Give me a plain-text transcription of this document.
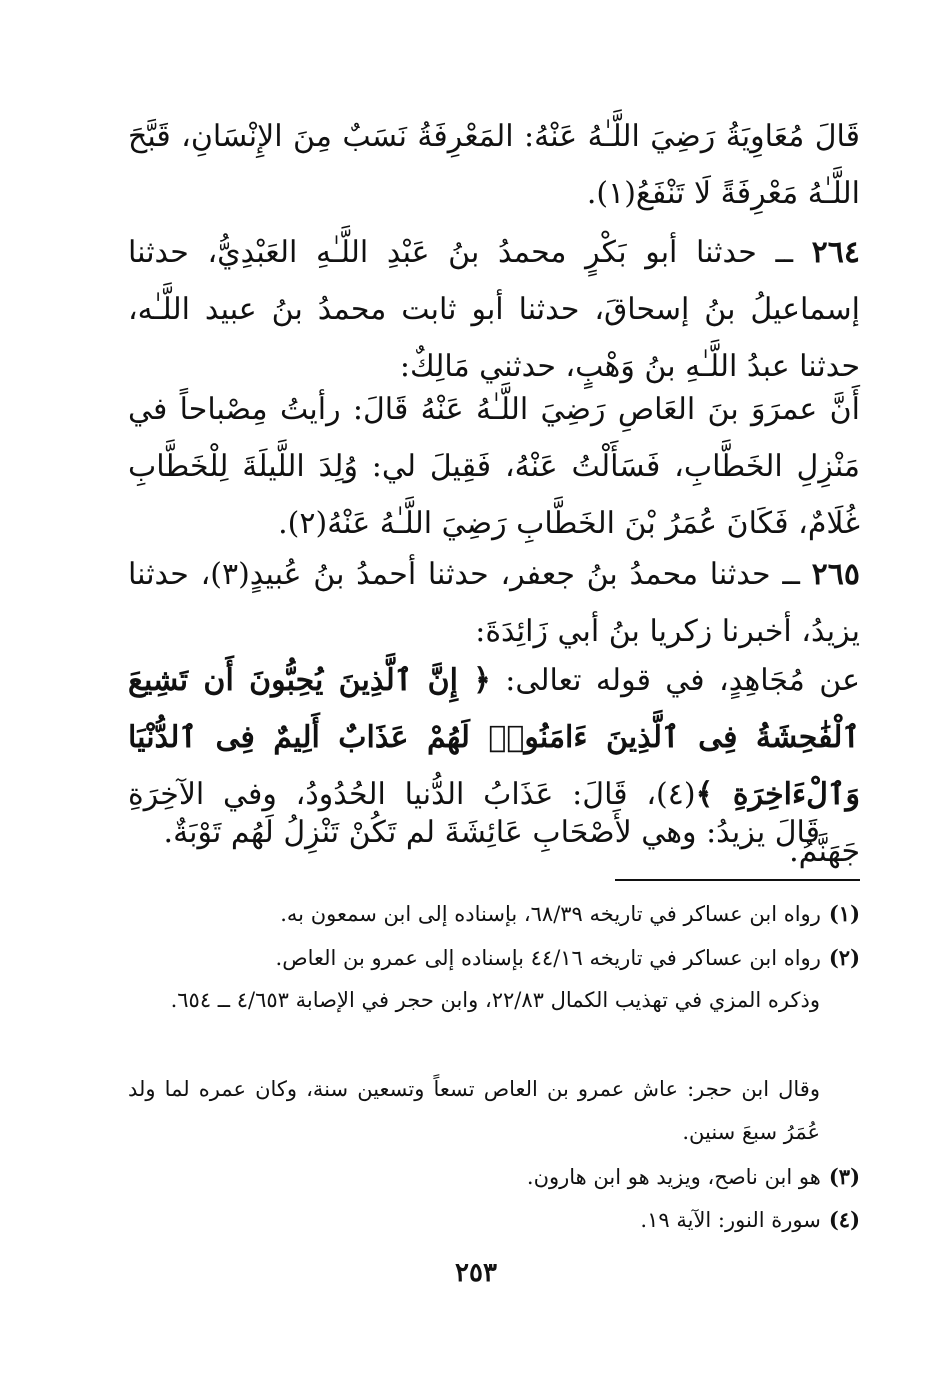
قَالَ مُعَاوِيَةُ رَضِيَ اللَّـٰهُ عَنْهُ: المَعْرِفَةُ نَسَبٌ مِنَ الإِنْسَانِ، قَبَّحَ اللَّـٰهُ مَعْرِفَةً لَا تَنْفَعُ(١).

٢٦٤ ــ حدثنا أبو بَكْرٍ محمدُ بنُ عَبْدِ اللَّـٰهِ العَبْدِيُّ، حدثنا إسماعيلُ بنُ إسحاقَ، حدثنا أبو ثابت محمدُ بنُ عبيد اللَّـٰه، حدثنا عبدُ اللَّـٰهِ بنُ وَهْبٍ، حدثني مَالِكٌ:

أَنَّ عمرَوَ بنَ العَاصِ رَضِيَ اللَّـٰهُ عَنْهُ قَالَ: رأيتُ مِصْباحاً في مَنْزِلِ الخَطَّابِ، فَسَأَلْتُ عَنْهُ، فَقِيلَ لي: وُلِدَ اللَّيلَةَ لِلْخَطَّابِ غُلَامٌ، فَكَانَ عُمَرُ بْنَ الخَطَّابِ رَضِيَ اللَّـٰهُ عَنْهُ(٢).

٢٦٥ ــ حدثنا محمدُ بنُ جعفر، حدثنا أحمدُ بنُ عُبيدٍ(٣)، حدثنا يزيدُ، أخبرنا زكريا بنُ أبي زَائِدَةَ:

عن مُجَاهِدٍ، في قوله تعالى: ﴿ إِنَّ ٱلَّذِينَ يُحِبُّونَ أَن تَشِيعَ ٱلْفَٰحِشَةُ فِى ٱلَّذِينَ ءَامَنُوا۟ لَهُمْ عَذَابٌ أَلِيمٌ فِى ٱلدُّنْيَا وَٱلْءَاخِرَةِ ﴾(٤)، قَالَ: عَذَابُ الدُّنيا الحُدُودُ، وفي الآخِرَةِ جَهَنَّمُ.

قَالَ يزيدُ: وهي لأَصْحَابِ عَائِشَةَ لم تَكُنْ تَنْزِلُ لَهُم تَوْبَةٌ.

(١)رواه ابن عساكر في تاريخه ٦٨/٣٩، بإسناده إلى ابن سمعون به.
(٢)رواه ابن عساكر في تاريخه ٤٤/١٦ بإسناده إلى عمرو بن العاص.
وذكره المزي في تهذيب الكمال ٢٢/٨٣، وابن حجر في الإصابة ٤/٦٥٣ ــ ٦٥٤.
وقال ابن حجر: عاش عمرو بن العاص تسعاً وتسعين سنة، وكان عمره لما ولد عُمَرُ سبعَ سنين.
(٣)هو ابن ناصح، ويزيد هو ابن هارون.
(٤)سورة النور: الآية ١٩.
٢٥٣
